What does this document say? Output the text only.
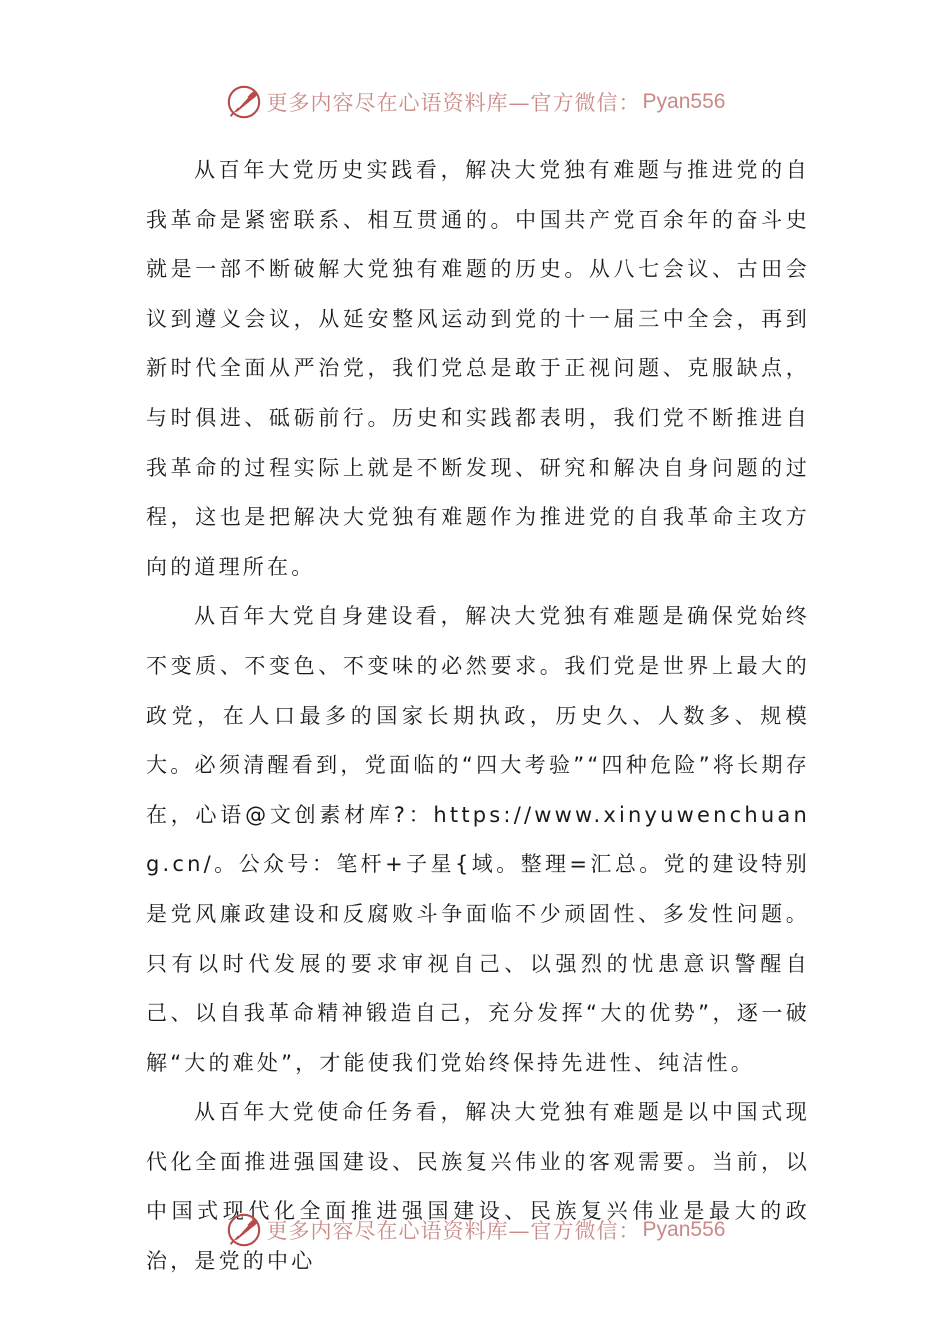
更多内容尽在心语资料库—官方微信： Pyan556

从百年大党历史实践看，解决大党独有难题与推进党的自我革命是紧密联系、相互贯通的。中国共产党百余年的奋斗史就是一部不断破解大党独有难题的历史。从八七会议、古田会议到遵义会议，从延安整风运动到党的十一届三中全会，再到新时代全面从严治党，我们党总是敢于正视问题、克服缺点，与时俱进、砥砺前行。历史和实践都表明，我们党不断推进自我革命的过程实际上就是不断发现、研究和解决自身问题的过程，这也是把解决大党独有难题作为推进党的自我革命主攻方向的道理所在。

从百年大党自身建设看，解决大党独有难题是确保党始终不变质、不变色、不变味的必然要求。我们党是世界上最大的政党，在人口最多的国家长期执政，历史久、人数多、规模大。必须清醒看到，党面临的“四大考验”“四种危险”将长期存在，心语@文创素材库?：https://www.xinyuwenchuang.cn/。公众号：笔杆+子星{域。整理=汇总。党的建设特别是党风廉政建设和反腐败斗争面临不少顽固性、多发性问题。只有以时代发展的要求审视自己、以强烈的忧患意识警醒自己、以自我革命精神锻造自己，充分发挥“大的优势”，逐一破解“大的难处”，才能使我们党始终保持先进性、纯洁性。

从百年大党使命任务看，解决大党独有难题是以中国式现代化全面推进强国建设、民族复兴伟业的客观需要。当前，以中国式现代化全面推进强国建设、民族复兴伟业是最大的政治，是党的中心

更多内容尽在心语资料库—官方微信： Pyan556
